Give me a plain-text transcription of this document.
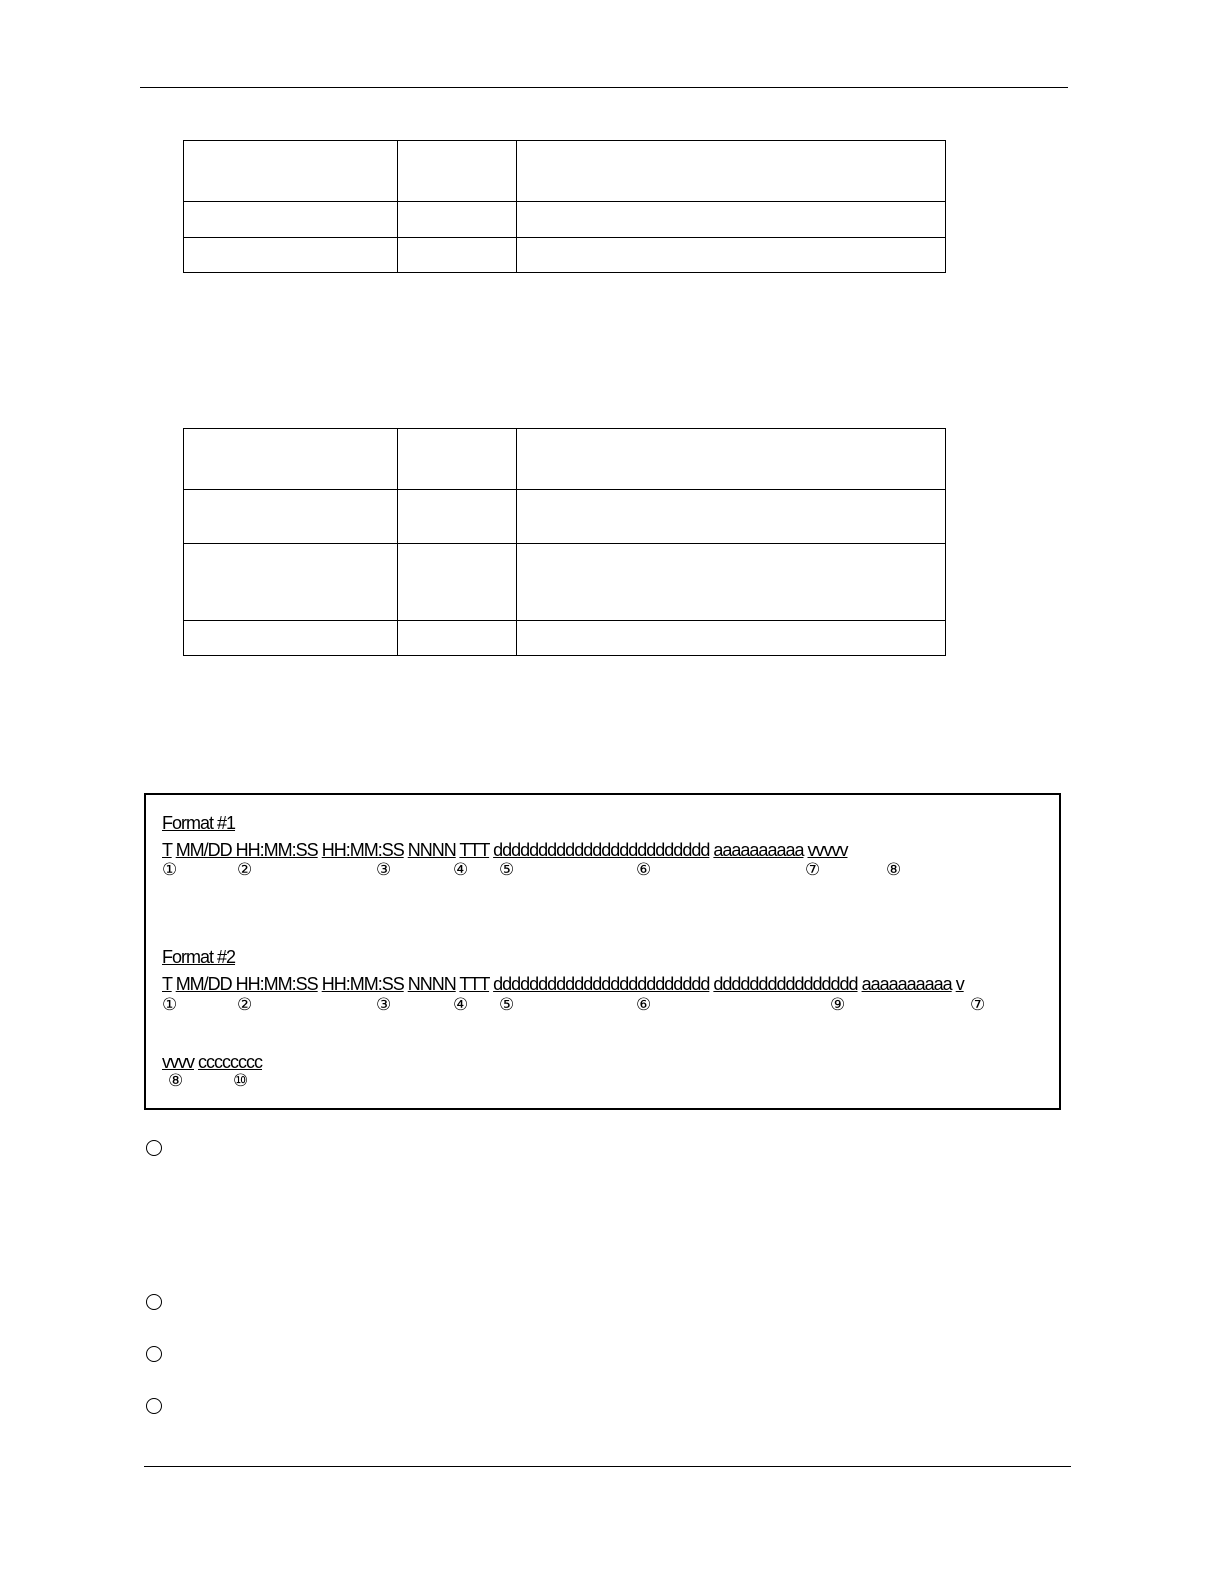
Format #1
T MM/DD HH:MM:SS HH:MM:SS NNNN TTT dddddddddddddddddddddddd aaaaaaaaaa vvvvv
①	②	③	④ ⑤	⑥	⑦	⑧
Format #2
T MM/DD HH:MM:SS HH:MM:SS NNNN TTT dddddddddddddddddddddddd dddddddddddddddd aaaaaaaaaa v
①	②	③	④ ⑤	⑥	⑨	⑦
vvvv cccccccc
⑧	⑩
